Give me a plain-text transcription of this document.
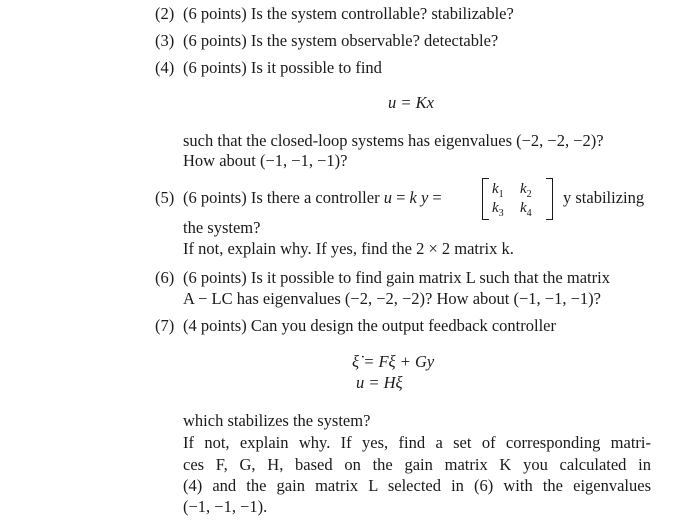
(2) (6 points) Is the system controllable? stabilizable?
(3) (6 points) Is the system observable? detectable?
(4) (6 points) Is it possible to find
u = Kx
such that the closed-loop systems has eigenvalues (−2, −2, −2)?
How about (−1, −1, −1)?
(5) (6 points) Is there a controller u = k y =	$k_1$ $k_2$
$k_3$ $k_4$
y stabilizing
the system?
If not, explain why. If yes, find the 2 × 2 matrix k.
(6) (6 points) Is it possible to find gain matrix L such that the matrix
A − LC has eigenvalues (−2, −2, −2)? How about (−1, −1, −1)?
(7) (4 points) Can you design the output feedback controller
ξ̇ = Fξ + Gy
u = Hξ
which stabilizes the system?
If not, explain why. If yes, find a set of corresponding matri-
ces F, G, H, based on the gain matrix K you calculated in
(4) and the gain matrix L selected in (6) with the eigenvalues
(−1, −1, −1).
